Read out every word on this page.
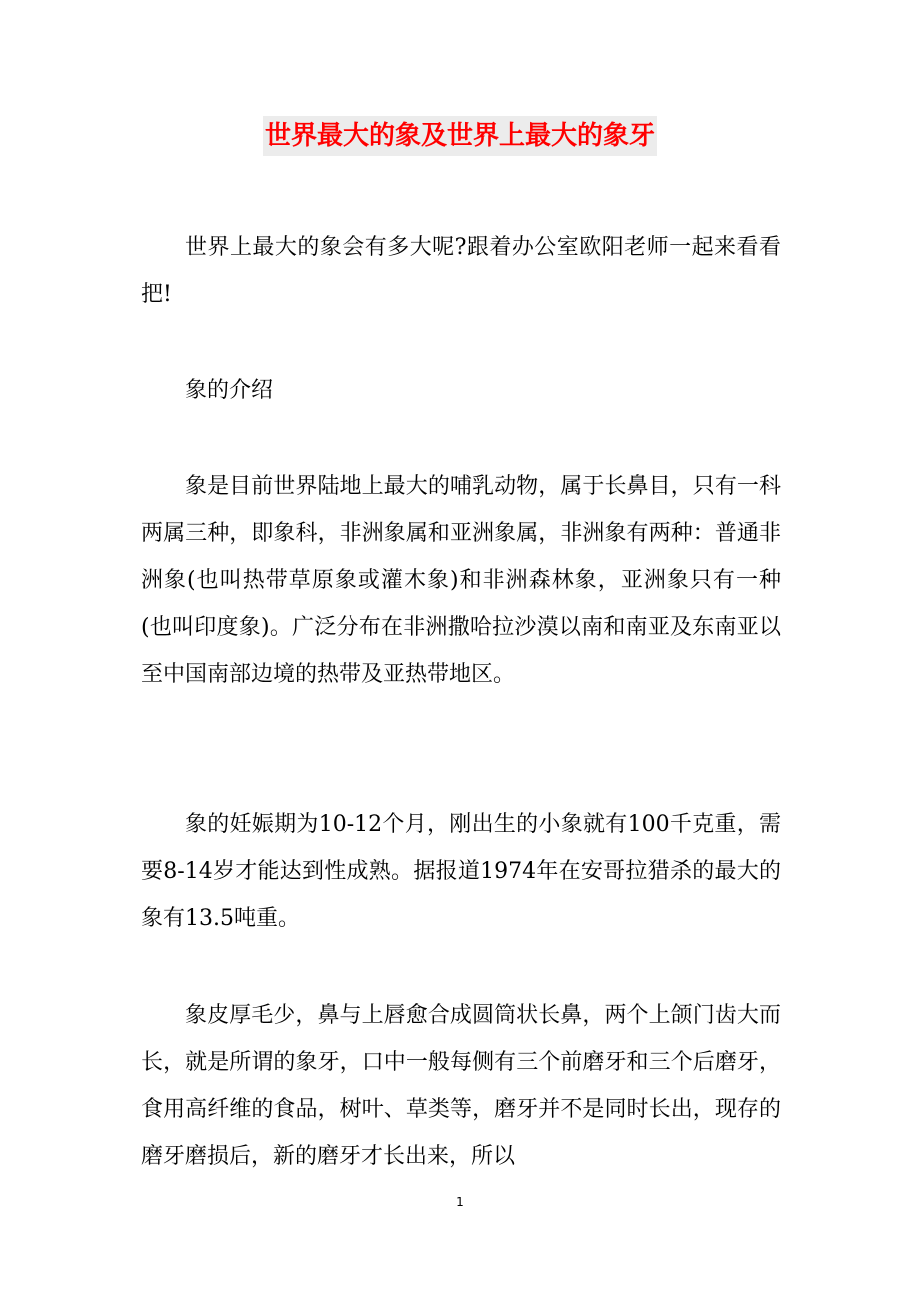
世界最大的象及世界上最大的象牙

世界上最大的象会有多大呢?跟着办公室欧阳老师一起来看看把!

象的介绍

象是目前世界陆地上最大的哺乳动物，属于长鼻目，只有一科两属三种，即象科，非洲象属和亚洲象属，非洲象有两种：普通非洲象(也叫热带草原象或灌木象)和非洲森林象，亚洲象只有一种(也叫印度象)。广泛分布在非洲撒哈拉沙漠以南和南亚及东南亚以至中国南部边境的热带及亚热带地区。

象的妊娠期为10-12个月，刚出生的小象就有100千克重，需要8-14岁才能达到性成熟。据报道1974年在安哥拉猎杀的最大的象有13.5吨重。

象皮厚毛少，鼻与上唇愈合成圆筒状长鼻，两个上颌门齿大而长，就是所谓的象牙，口中一般每侧有三个前磨牙和三个后磨牙，食用高纤维的食品，树叶、草类等，磨牙并不是同时长出，现存的磨牙磨损后，新的磨牙才长出来，所以

1
